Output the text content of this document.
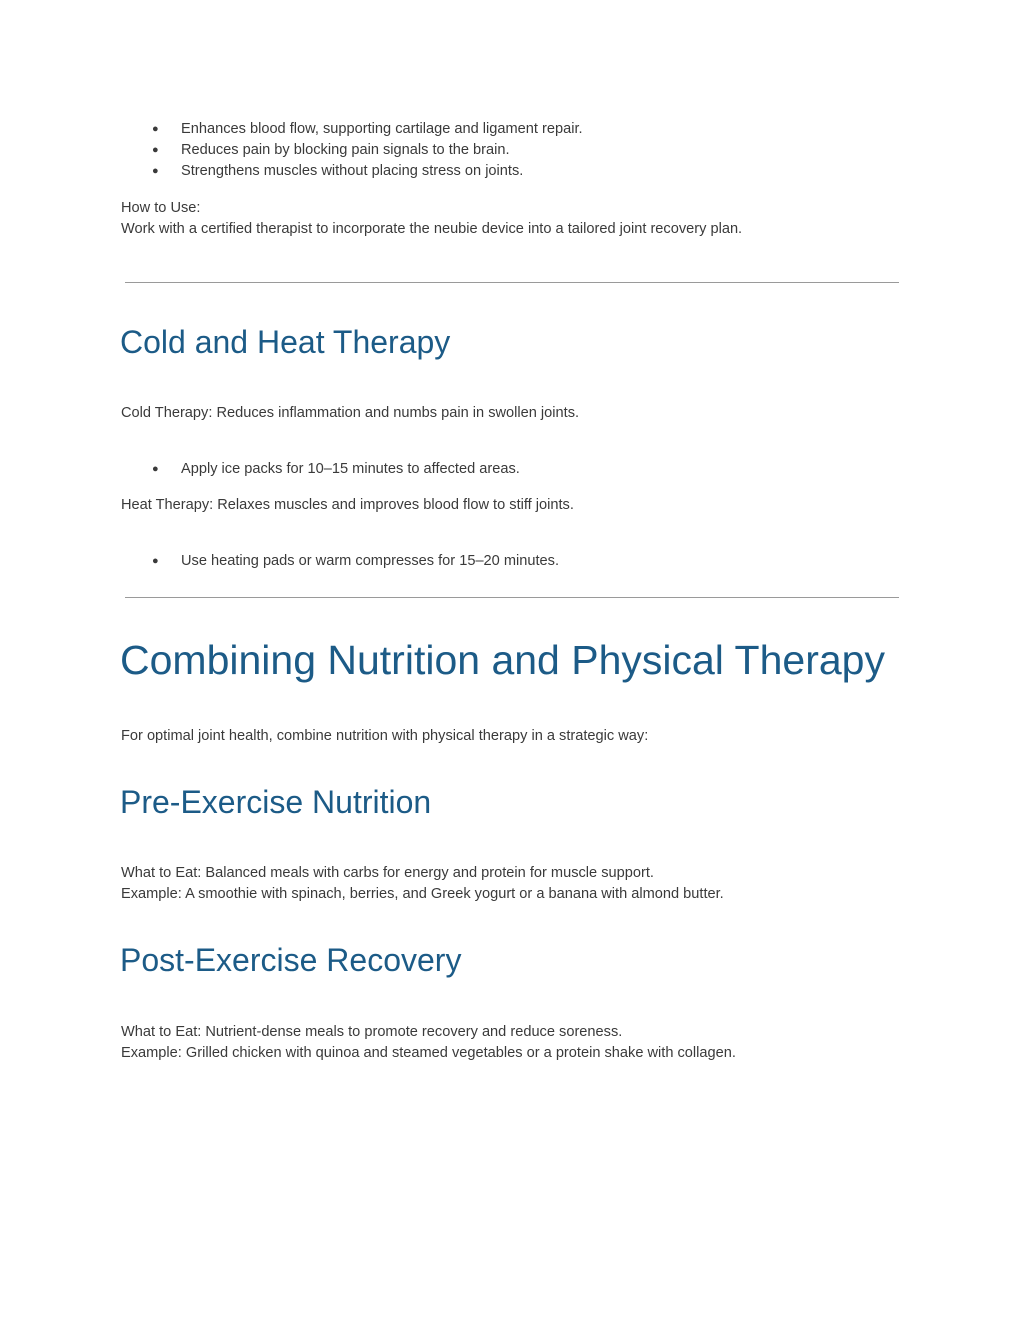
● Enhances blood flow, supporting cartilage and ligament repair.
● Reduces pain by blocking pain signals to the brain.
● Strengthens muscles without placing stress on joints.

How to Use:

Work with a certified therapist to incorporate the neubie device into a tailored joint recovery plan.

Cold and Heat Therapy

Cold Therapy: Reduces inflammation and numbs pain in swollen joints.

● Apply ice packs for 10–15 minutes to affected areas.

Heat Therapy: Relaxes muscles and improves blood flow to stiff joints.

● Use heating pads or warm compresses for 15–20 minutes.
Combining Nutrition and Physical Therapy

For optimal joint health, combine nutrition with physical therapy in a strategic way:

Pre-Exercise Nutrition

What to Eat: Balanced meals with carbs for energy and protein for muscle support.

Example: A smoothie with spinach, berries, and Greek yogurt or a banana with almond butter.

Post-Exercise Recovery

What to Eat: Nutrient-dense meals to promote recovery and reduce soreness.

Example: Grilled chicken with quinoa and steamed vegetables or a protein shake with collagen.
